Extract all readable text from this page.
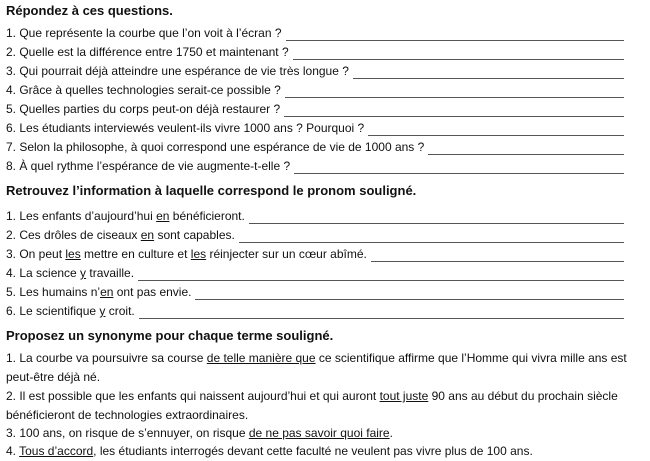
Répondez à ces questions.
1. Que représente la courbe que l’on voit à l’écran ?
2. Quelle est la différence entre 1750 et maintenant ?
3. Qui pourrait déjà atteindre une espérance de vie très longue ?
4. Grâce à quelles technologies serait-ce possible ?
5. Quelles parties du corps peut-on déjà restaurer ?
6. Les étudiants interviewés veulent-ils vivre 1000 ans ? Pourquoi ?
7. Selon la philosophe, à quoi correspond une espérance de vie de 1000 ans ?
8. À quel rythme l’espérance de vie augmente-t-elle ?
Retrouvez l’information à laquelle correspond le pronom souligné.
1. Les enfants d’aujourd’hui en bénéficieront.
2. Ces drôles de ciseaux en sont capables.
3. On peut les mettre en culture et les réinjecter sur un cœur abîmé.
4. La science y travaille.
5. Les humains n’en ont pas envie.
6. Le scientifique y croit.
Proposez un synonyme pour chaque terme souligné.

1. La courbe va poursuivre sa course de telle manière que ce scientifique affirme que l’Homme qui vivra mille ans est peut-être déjà né.

2. Il est possible que les enfants qui naissent aujourd’hui et qui auront tout juste 90 ans au début du prochain siècle bénéficieront de technologies extraordinaires.

3. 100 ans, on risque de s’ennuyer, on risque de ne pas savoir quoi faire.

4. Tous d’accord, les étudiants interrogés devant cette faculté ne veulent pas vivre plus de 100 ans.
